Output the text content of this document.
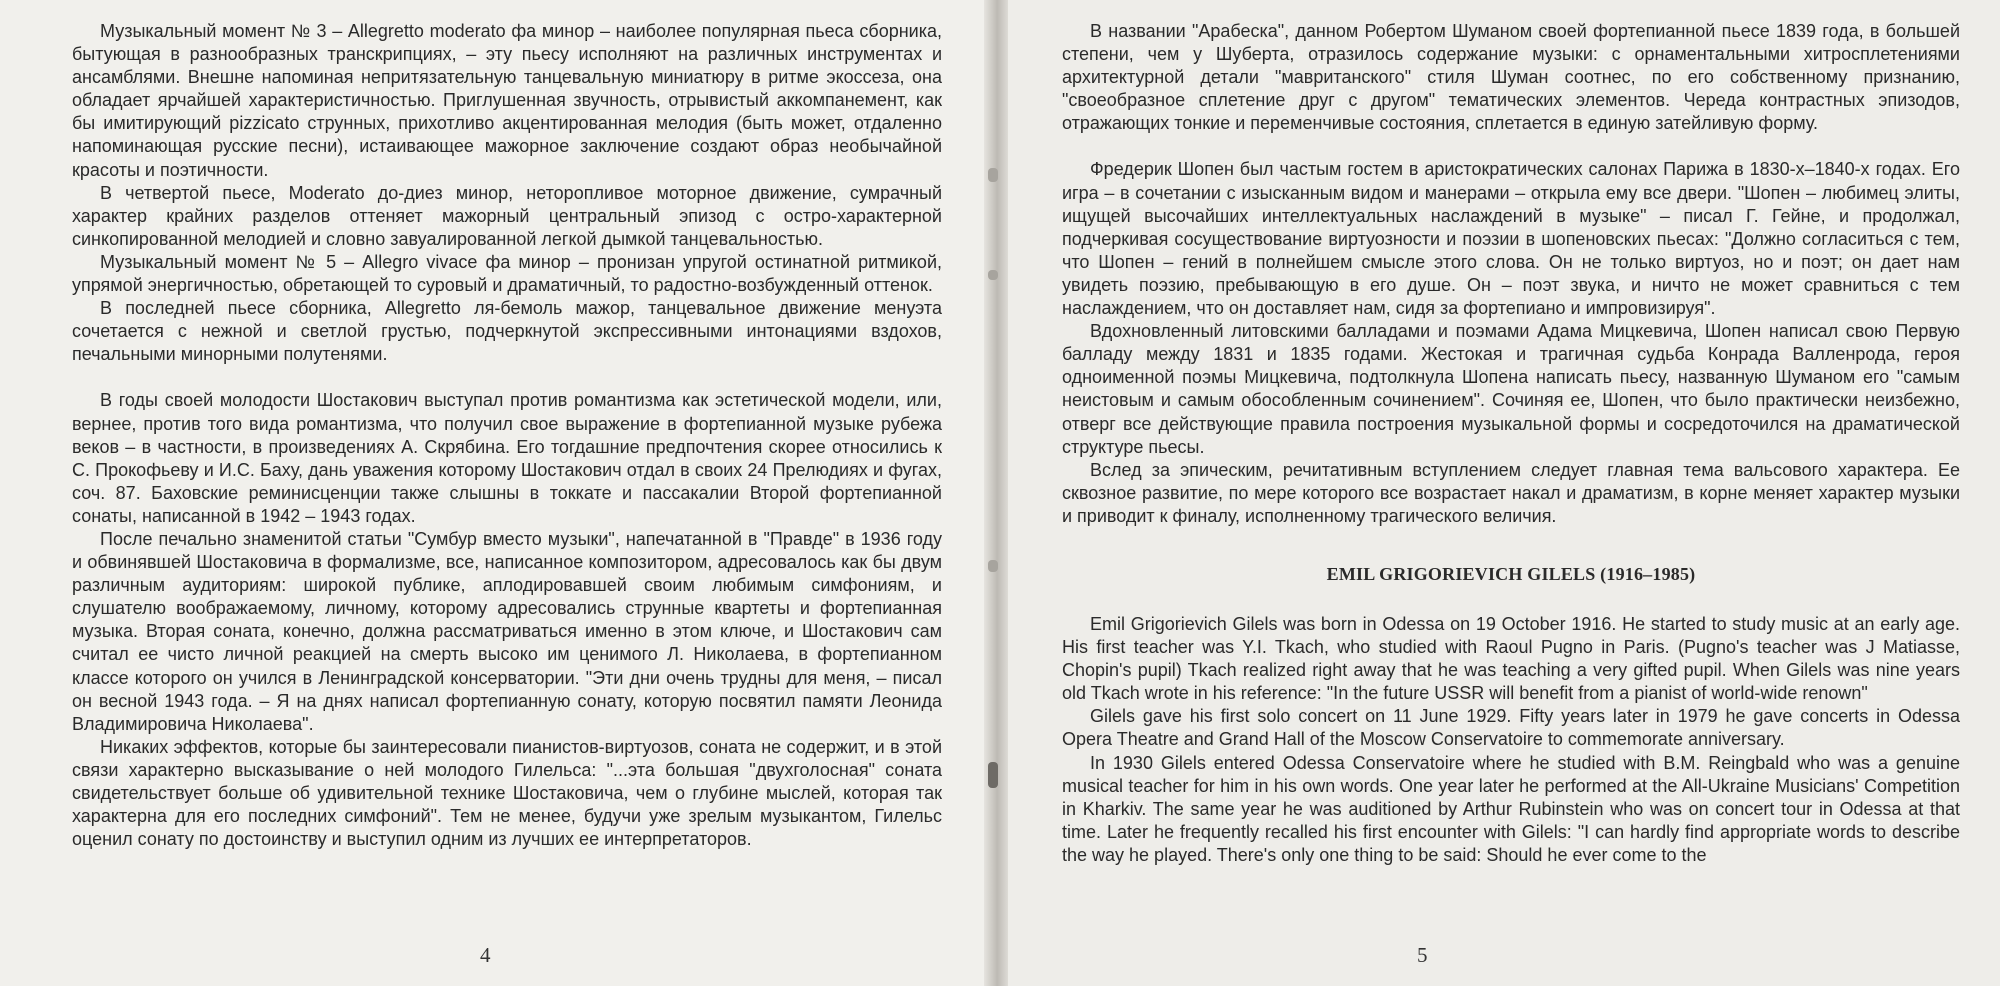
Музыкальный момент № 3 – Allegretto moderato фа минор – наиболее популярная пьеса сборника, бытующая в разнообразных транскрипциях, – эту пьесу исполняют на различных инструментах и ансамблями. Внешне напоминая непритязательную танцевальную миниатюру в ритме экоссеза, она обладает ярчайшей характеристичностью. Приглушенная звучность, отрывистый аккомпанемент, как бы имитирующий pizzicato струнных, прихотливо акцентированная мелодия (быть может, отдаленно напоминающая русские песни), истаивающее мажорное заключение создают образ необычайной красоты и поэтичности.

В четвертой пьесе, Moderato до-диез минор, неторопливое моторное движение, сумрачный характер крайних разделов оттеняет мажорный центральный эпизод с остро-характерной синкопированной мелодией и словно завуалированной легкой дымкой танцевальностью.

Музыкальный момент № 5 – Allegro vivace фа минор – пронизан упругой остинатной ритмикой, упрямой энергичностью, обретающей то суровый и драматичный, то радостно-возбужденный оттенок.

В последней пьесе сборника, Allegretto ля-бемоль мажор, танцевальное движение менуэта сочетается с нежной и светлой грустью, подчеркнутой экспрессивными интонациями вздохов, печальными минорными полутенями.

В годы своей молодости Шостакович выступал против романтизма как эстетической модели, или, вернее, против того вида романтизма, что получил свое выражение в фортепианной музыке рубежа веков – в частности, в произведениях А. Скрябина. Его тогдашние предпочтения скорее относились к С. Прокофьеву и И.С. Баху, дань уважения которому Шостакович отдал в своих 24 Прелюдиях и фугах, соч. 87. Баховские реминисценции также слышны в токкате и пассакалии Второй фортепианной сонаты, написанной в 1942 – 1943 годах.

После печально знаменитой статьи "Сумбур вместо музыки", напечатанной в "Правде" в 1936 году и обвинявшей Шостаковича в формализме, все, написанное композитором, адресовалось как бы двум различным аудиториям: широкой публике, аплодировавшей своим любимым симфониям, и слушателю воображаемому, личному, которому адресовались струнные квартеты и фортепианная музыка. Вторая соната, конечно, должна рассматриваться именно в этом ключе, и Шостакович сам считал ее чисто личной реакцией на смерть высоко им ценимого Л. Николаева, в фортепианном классе которого он учился в Ленинградской консерватории. "Эти дни очень трудны для меня, – писал он весной 1943 года. – Я на днях написал фортепианную сонату, которую посвятил памяти Леонида Владимировича Николаева".

Никаких эффектов, которые бы заинтересовали пианистов-виртуозов, соната не содержит, и в этой связи характерно высказывание о ней молодого Гилельса: "...эта большая "двухголосная" соната свидетельствует больше об удивительной технике Шостаковича, чем о глубине мыслей, которая так характерна для его последних симфоний". Тем не менее, будучи уже зрелым музыкантом, Гилельс оценил сонату по достоинству и выступил одним из лучших ее интерпретаторов.

4

В названии "Арабеска", данном Робертом Шуманом своей фортепианной пьесе 1839 года, в большей степени, чем у Шуберта, отразилось содержание музыки: с орнаментальными хитросплетениями архитектурной детали "мавританского" стиля Шуман соотнес, по его собственному признанию, "своеобразное сплетение друг с другом" тематических элементов. Череда контрастных эпизодов, отражающих тонкие и переменчивые состояния, сплетается в единую затейливую форму.

Фредерик Шопен был частым гостем в аристократических салонах Парижа в 1830-х–1840-х годах. Его игра – в сочетании с изысканным видом и манерами – открыла ему все двери. "Шопен – любимец элиты, ищущей высочайших интеллектуальных наслаждений в музыке" – писал Г. Гейне, и продолжал, подчеркивая сосуществование виртуозности и поэзии в шопеновских пьесах: "Должно согласиться с тем, что Шопен – гений в полнейшем смысле этого слова. Он не только виртуоз, но и поэт; он дает нам увидеть поэзию, пребывающую в его душе. Он – поэт звука, и ничто не может сравниться с тем наслаждением, что он доставляет нам, сидя за фортепиано и импровизируя".

Вдохновленный литовскими балладами и поэмами Адама Мицкевича, Шопен написал свою Первую балладу между 1831 и 1835 годами. Жестокая и трагичная судьба Конрада Валленрода, героя одноименной поэмы Мицкевича, подтолкнула Шопена написать пьесу, названную Шуманом его "самым неистовым и самым обособленным сочинением". Сочиняя ее, Шопен, что было практически неизбежно, отверг все действующие правила построения музыкальной формы и сосредоточился на драматической структуре пьесы.

Вслед за эпическим, речитативным вступлением следует главная тема вальсового характера. Ее сквозное развитие, по мере которого все возрастает накал и драматизм, в корне меняет характер музыки и приводит к финалу, исполненному трагического величия.

EMIL GRIGORIEVICH GILELS (1916–1985)

Emil Grigorievich Gilels was born in Odessa on 19 October 1916. He started to study music at an early age. His first teacher was Y.I. Tkach, who studied with Raoul Pugno in Paris. (Pugno's teacher was J Matiasse, Chopin's pupil) Tkach realized right away that he was teaching a very gifted pupil. When Gilels was nine years old Tkach wrote in his reference: "In the future USSR will benefit from a pianist of world-wide renown"

Gilels gave his first solo concert on 11 June 1929. Fifty years later in 1979 he gave concerts in Odessa Opera Theatre and Grand Hall of the Moscow Conservatoire to commemorate anniversary.

In 1930 Gilels entered Odessa Conservatoire where he studied with B.M. Reingbald who was a genuine musical teacher for him in his own words. One year later he performed at the All-Ukraine Musicians' Competition in Kharkiv. The same year he was auditioned by Arthur Rubinstein who was on concert tour in Odessa at that time. Later he frequently recalled his first encounter with Gilels: "I can hardly find appropriate words to describe the way he played. There's only one thing to be said: Should he ever come to the

5
